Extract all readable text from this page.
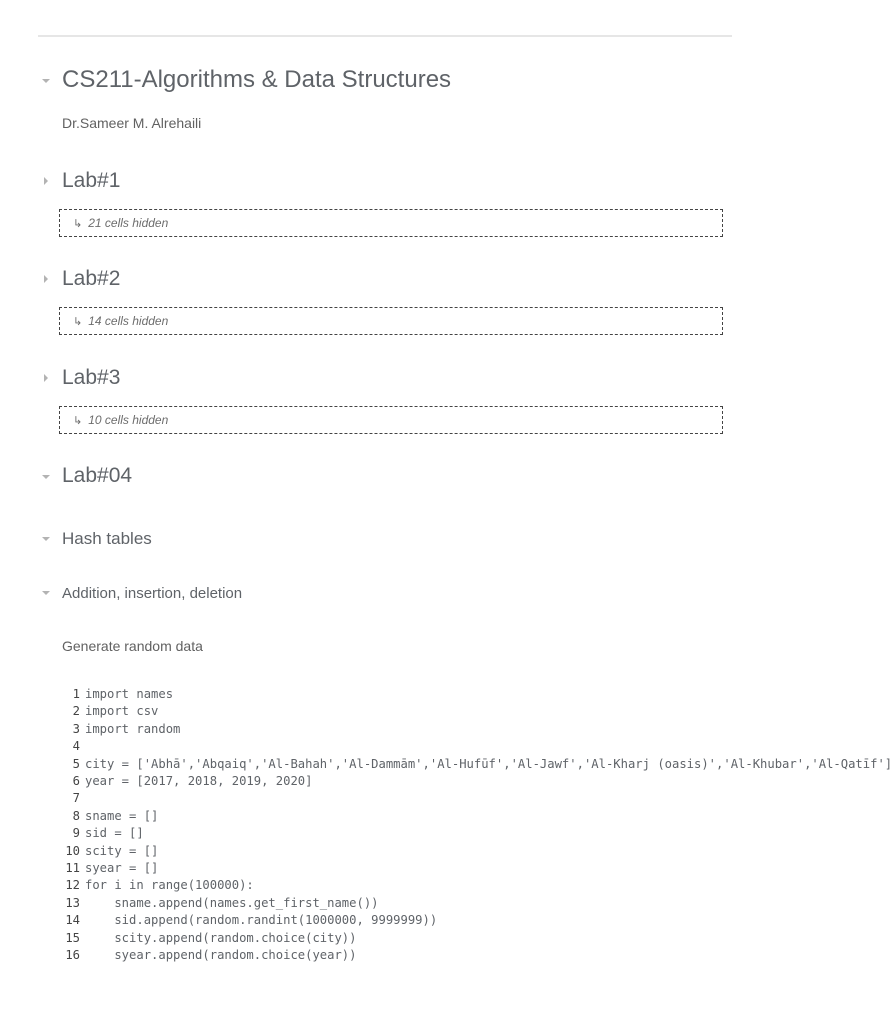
CS211-Algorithms & Data Structures
Dr.Sameer M. Alrehaili
Lab#1
↳ 21 cells hidden
Lab#2
↳ 14 cells hidden
Lab#3
↳ 10 cells hidden
Lab#04
Hash tables
Addition, insertion, deletion
Generate random data
1 import names
2 import csv
3 import random
4
5 city = ['Abhā','Abqaiq','Al-Bahah','Al-Dammām','Al-Hufūf','Al-Jawf','Al-Kharj (oasis)','Al-Khubar','Al-Qatīf']
6 year = [2017, 2018, 2019, 2020]
7
8 sname = []
9 sid = []
10 scity = []
11 syear = []
12 for i in range(100000):
13 sname.append(names.get_first_name())
14 sid.append(random.randint(1000000, 9999999))
15 scity.append(random.choice(city))
16 syear.append(random.choice(year))
